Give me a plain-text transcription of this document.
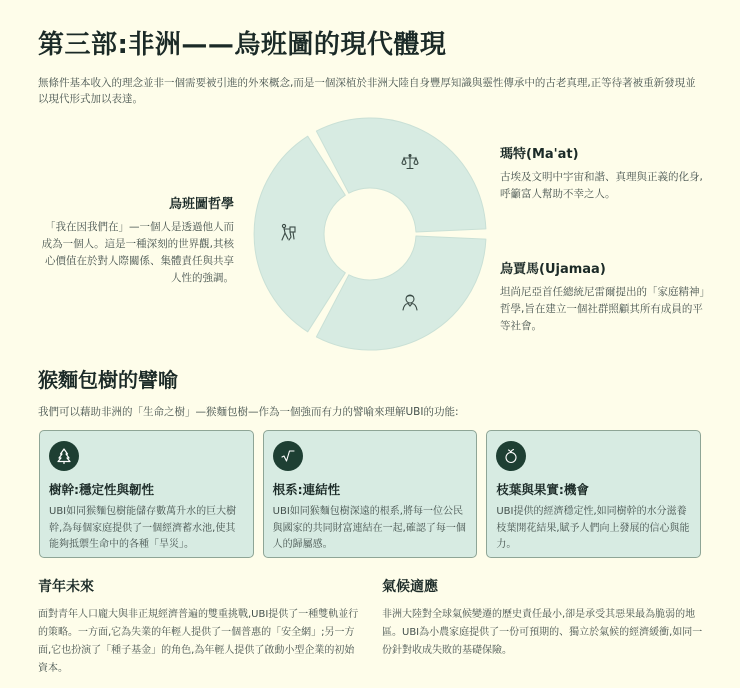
第三部:非洲——烏班圖的現代體現

無條件基本收入的理念並非一個需要被引進的外來概念,而是一個深植於非洲大陸自身豐厚知識與靈性傳承中的古老真理,正等待著被重新發現並以現代形式加以表達。

烏班圖哲學

「我在因我們在」—一個人是透過他人而成為一個人。這是一種深刻的世界觀,其核心價值在於對人際關係、集體責任與共享人性的強調。

瑪特(Ma'at)

古埃及文明中宇宙和諧、真理與正義的化身,呼籲富人幫助不幸之人。

烏賈馬(Ujamaa)

坦尚尼亞首任總統尼雷爾提出的「家庭精神」哲學,旨在建立一個社群照顧其所有成員的平等社會。

猴麵包樹的譬喻

我們可以藉助非洲的「生命之樹」—猴麵包樹—作為一個強而有力的譬喻來理解UBI的功能:

樹幹:穩定性與韌性
UBI如同猴麵包樹能儲存數萬升水的巨大樹幹,為每個家庭提供了一個經濟蓄水池,使其能夠抵禦生命中的各種「旱災」。
根系:連結性
UBI如同猴麵包樹深遠的根系,將每一位公民與國家的共同財富連結在一起,確認了每一個人的歸屬感。
枝葉與果實:機會
UBI提供的經濟穩定性,如同樹幹的水分滋養枝葉開花結果,賦予人們向上發展的信心與能力。
青年未來

面對青年人口龐大與非正規經濟普遍的雙重挑戰,UBI提供了一種雙軌並行的策略。一方面,它為失業的年輕人提供了一個普惠的「安全網」;另一方面,它也扮演了「種子基金」的角色,為年輕人提供了啟動小型企業的初始資本。

氣候適應

非洲大陸對全球氣候變遷的歷史責任最小,卻是承受其惡果最為脆弱的地區。UBI為小農家庭提供了一份可預期的、獨立於氣候的經濟緩衝,如同一份針對收成失敗的基礎保險。
